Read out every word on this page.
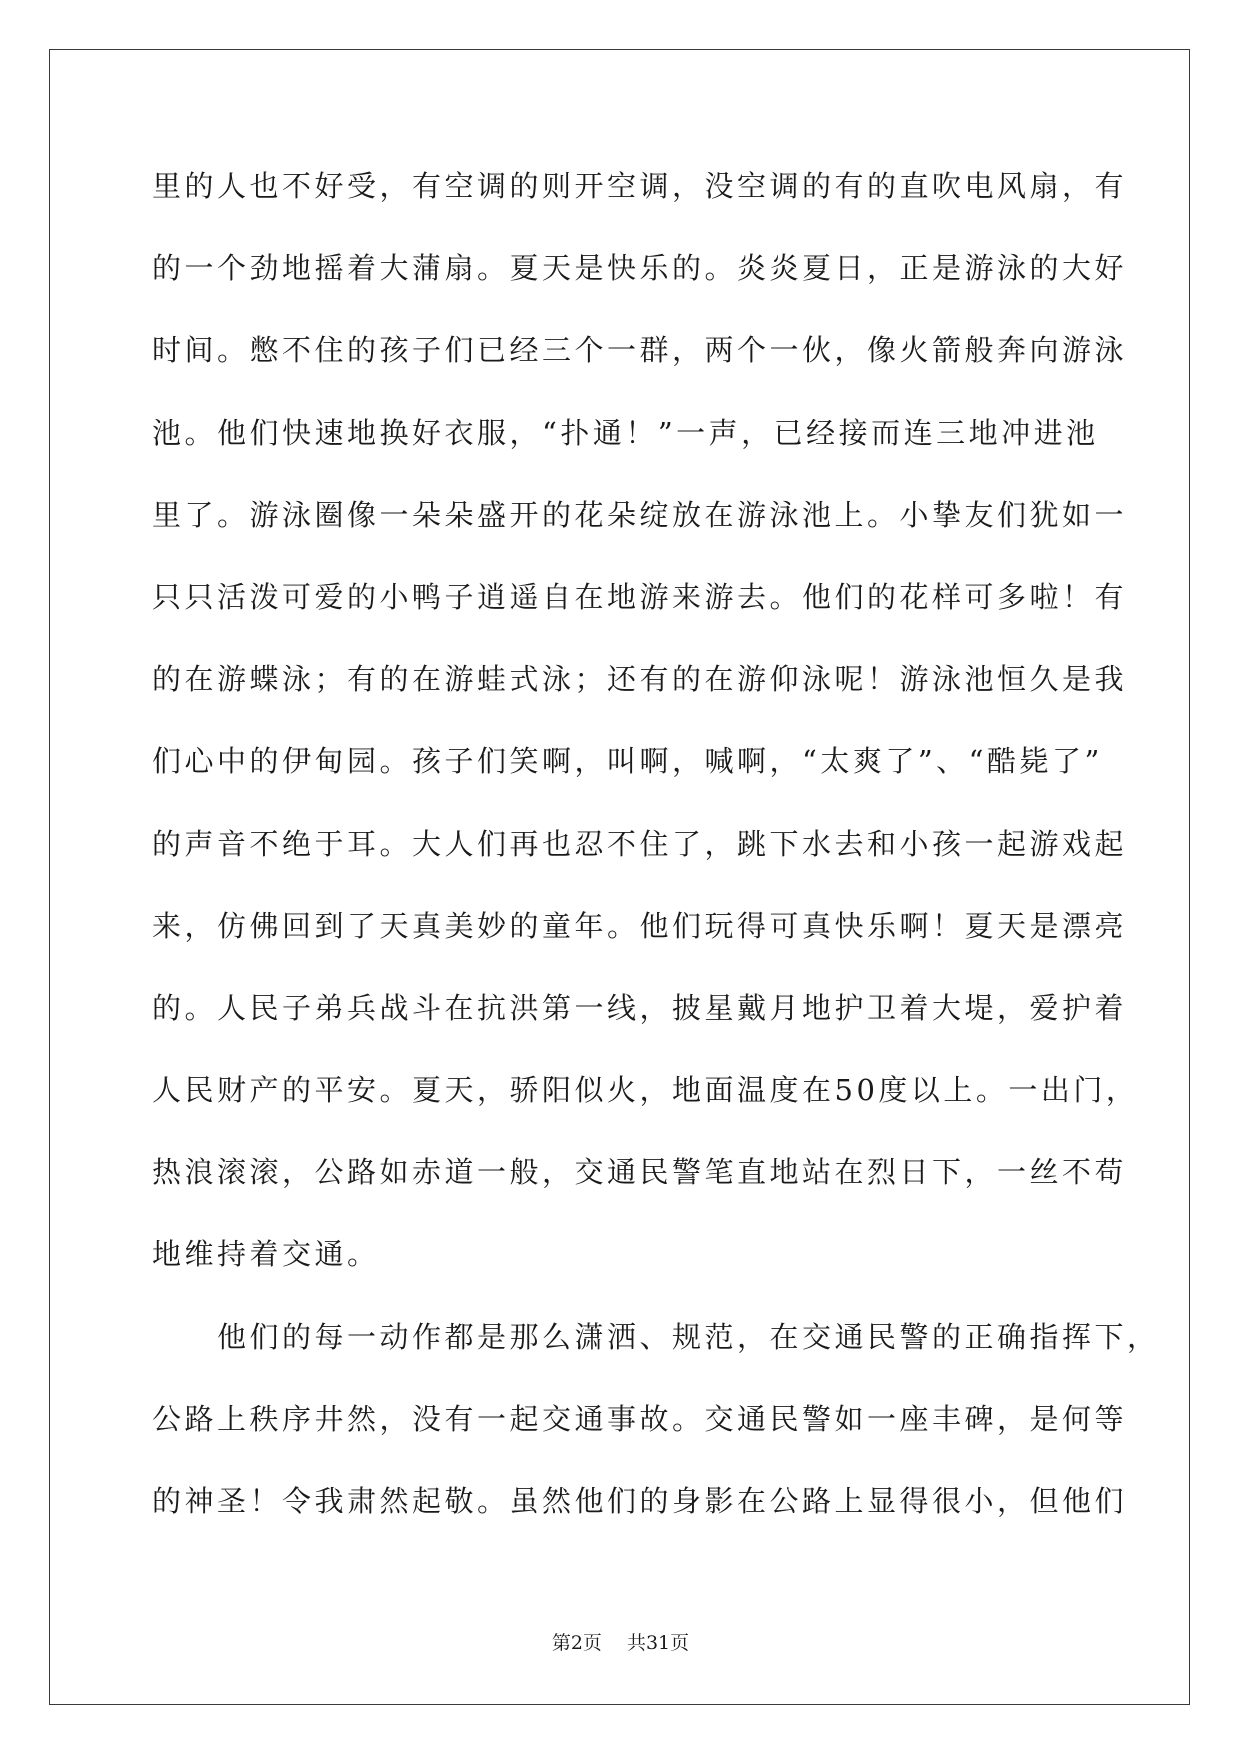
里的人也不好受，有空调的则开空调，没空调的有的直吹电风扇，有
的一个劲地摇着大蒲扇。夏天是快乐的。炎炎夏日，正是游泳的大好
时间。憋不住的孩子们已经三个一群，两个一伙，像火箭般奔向游泳
池。他们快速地换好衣服，“扑通！”一声，已经接而连三地冲进池
里了。游泳圈像一朵朵盛开的花朵绽放在游泳池上。小挚友们犹如一
只只活泼可爱的小鸭子逍遥自在地游来游去。他们的花样可多啦！有
的在游蝶泳；有的在游蛙式泳；还有的在游仰泳呢！游泳池恒久是我
们心中的伊甸园。孩子们笑啊，叫啊，喊啊，“太爽了”、“酷毙了”
的声音不绝于耳。大人们再也忍不住了，跳下水去和小孩一起游戏起
来，仿佛回到了天真美妙的童年。他们玩得可真快乐啊！夏天是漂亮
的。人民子弟兵战斗在抗洪第一线，披星戴月地护卫着大堤，爱护着
人民财产的平安。夏天，骄阳似火，地面温度在50度以上。一出门，
热浪滚滚，公路如赤道一般，交通民警笔直地站在烈日下，一丝不苟
地维持着交通。
　　他们的每一动作都是那么潇洒、规范，在交通民警的正确指挥下，
公路上秩序井然，没有一起交通事故。交通民警如一座丰碑，是何等
的神圣！令我肃然起敬。虽然他们的身影在公路上显得很小，但他们
第2页　 共31页
